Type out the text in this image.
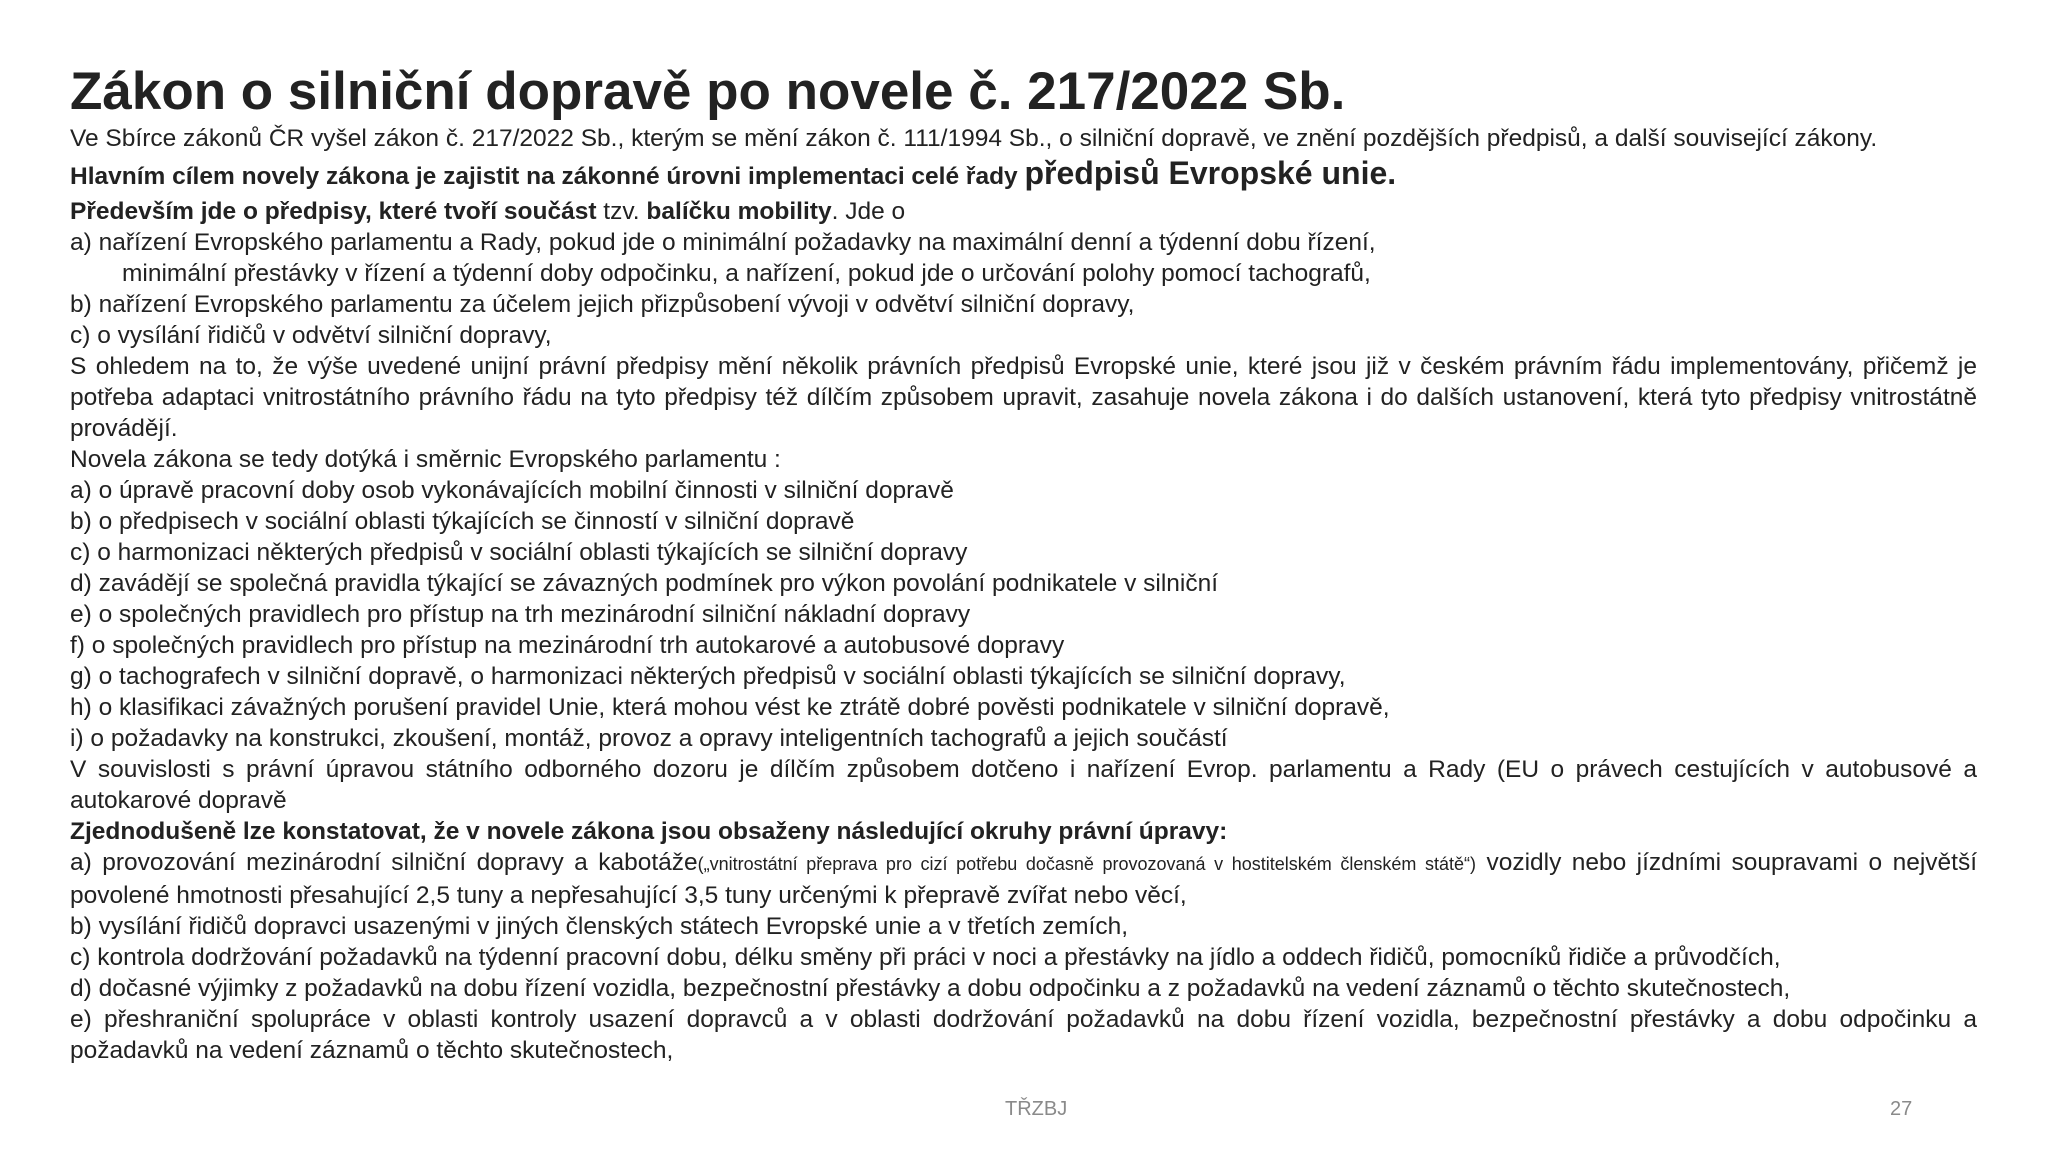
Zákon o silniční dopravě po novele č. 217/2022 Sb.

Ve Sbírce zákonů ČR vyšel zákon č. 217/2022 Sb., kterým se mění zákon č. 111/1994 Sb., o silniční dopravě, ve znění pozdějších předpisů, a další související zákony.

Hlavním cílem novely zákona je zajistit na zákonné úrovni implementaci celé řady předpisů Evropské unie.

Především jde o předpisy, které tvoří součást tzv. balíčku mobility. Jde o

a) nařízení Evropského parlamentu a Rady, pokud jde o minimální požadavky na maximální denní a týdenní dobu řízení,

minimální přestávky v řízení a týdenní doby odpočinku, a nařízení, pokud jde o určování polohy pomocí tachografů,

b) nařízení Evropského parlamentu za účelem jejich přizpůsobení vývoji v odvětví silniční dopravy,

c) o vysílání řidičů v odvětví silniční dopravy,

S ohledem na to, že výše uvedené unijní právní předpisy mění několik právních předpisů Evropské unie, které jsou již v českém právním řádu implementovány, přičemž je potřeba adaptaci vnitrostátního právního řádu na tyto předpisy též dílčím způsobem upravit, zasahuje novela zákona i do dalších ustanovení, která tyto předpisy vnitrostátně provádějí.

Novela zákona se tedy dotýká i směrnic Evropského parlamentu :

a) o úpravě pracovní doby osob vykonávajících mobilní činnosti v silniční dopravě

b) o předpisech v sociální oblasti týkajících se činností v silniční dopravě

c) o harmonizaci některých předpisů v sociální oblasti týkajících se silniční dopravy

d) zavádějí se společná pravidla týkající se závazných podmínek pro výkon povolání podnikatele v silniční

e) o společných pravidlech pro přístup na trh mezinárodní silniční nákladní dopravy

f) o společných pravidlech pro přístup na mezinárodní trh autokarové a autobusové dopravy

g) o tachografech v silniční dopravě, o harmonizaci některých předpisů v sociální oblasti týkajících se silniční dopravy,

h) o klasifikaci závažných porušení pravidel Unie, která mohou vést ke ztrátě dobré pověsti podnikatele v silniční dopravě,

i) o požadavky na konstrukci, zkoušení, montáž, provoz a opravy inteligentních tachografů a jejich součástí

V souvislosti s právní úpravou státního odborného dozoru je dílčím způsobem dotčeno i nařízení Evrop. parlamentu a Rady (EU o právech cestujících v autobusové a autokarové dopravě

Zjednodušeně lze konstatovat, že v novele zákona jsou obsaženy následující okruhy právní úpravy:

a) provozování mezinárodní silniční dopravy a kabotáže(„vnitrostátní přeprava pro cizí potřebu dočasně provozovaná v hostitelském členském státě“) vozidly nebo jízdními soupravami o největší povolené hmotnosti přesahující 2,5 tuny a nepřesahující 3,5 tuny určenými k přepravě zvířat nebo věcí,

b) vysílání řidičů dopravci usazenými v jiných členských státech Evropské unie a v třetích zemích,

c) kontrola dodržování požadavků na týdenní pracovní dobu, délku směny při práci v noci a přestávky na jídlo a oddech řidičů, pomocníků řidiče a průvodčích,

d) dočasné výjimky z požadavků na dobu řízení vozidla, bezpečnostní přestávky a dobu odpočinku a z požadavků na vedení záznamů o těchto skutečnostech,

e) přeshraniční spolupráce v oblasti kontroly usazení dopravců a v oblasti dodržování požadavků na dobu řízení vozidla, bezpečnostní přestávky a dobu odpočinku a požadavků na vedení záznamů o těchto skutečnostech,

TŘZBJ	27
